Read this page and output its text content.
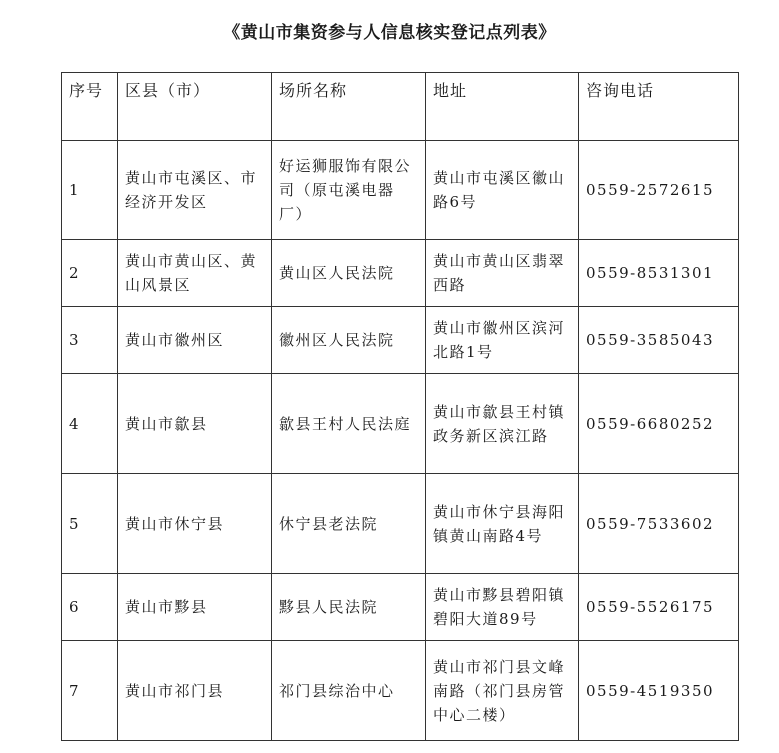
《黄山市集资参与人信息核实登记点列表》
序号	区县（市）	场所名称	地址	咨询电话
1	黄山市屯溪区、市经济开发区	好运狮服饰有限公司（原屯溪电器厂）	黄山市屯溪区徽山路6号	0559-2572615
2	黄山市黄山区、黄山风景区	黄山区人民法院	黄山市黄山区翡翠西路	0559-8531301
3	黄山市徽州区	徽州区人民法院	黄山市徽州区滨河北路1号	0559-3585043
4	黄山市歙县	歙县王村人民法庭	黄山市歙县王村镇政务新区滨江路	0559-6680252
5	黄山市休宁县	休宁县老法院	黄山市休宁县海阳镇黄山南路4号	0559-7533602
6	黄山市黟县	黟县人民法院	黄山市黟县碧阳镇碧阳大道89号	0559-5526175
7	黄山市祁门县	祁门县综治中心	黄山市祁门县文峰南路（祁门县房管中心二楼）	0559-4519350
